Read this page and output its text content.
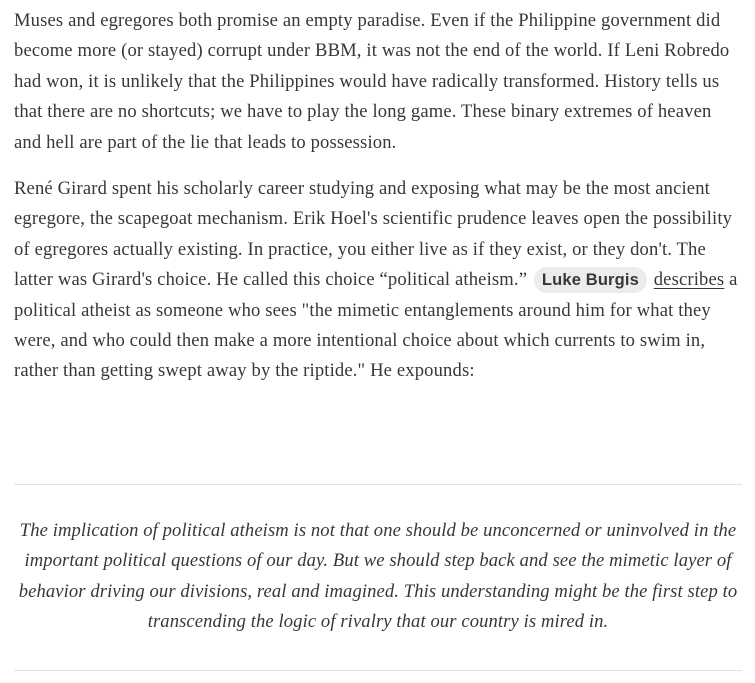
Muses and egregores both promise an empty paradise. Even if the Philippine government did become more (or stayed) corrupt under BBM, it was not the end of the world. If Leni Robredo had won, it is unlikely that the Philippines would have radically transformed. History tells us that there are no shortcuts; we have to play the long game. These binary extremes of heaven and hell are part of the lie that leads to possession.

René Girard spent his scholarly career studying and exposing what may be the most ancient egregore, the scapegoat mechanism. Erik Hoel's scientific prudence leaves open the possibility of egregores actually existing. In practice, you either live as if they exist, or they don't. The latter was Girard's choice. He called this choice “political atheism.” Luke Burgis describes a political atheist as someone who sees "the mimetic entanglements around him for what they were, and who could then make a more intentional choice about which currents to swim in, rather than getting swept away by the riptide." He expounds:

The implication of political atheism is not that one should be unconcerned or uninvolved in the important political questions of our day. But we should step back and see the mimetic layer of behavior driving our divisions, real and imagined. This understanding might be the first step to transcending the logic of rivalry that our country is mired in.
